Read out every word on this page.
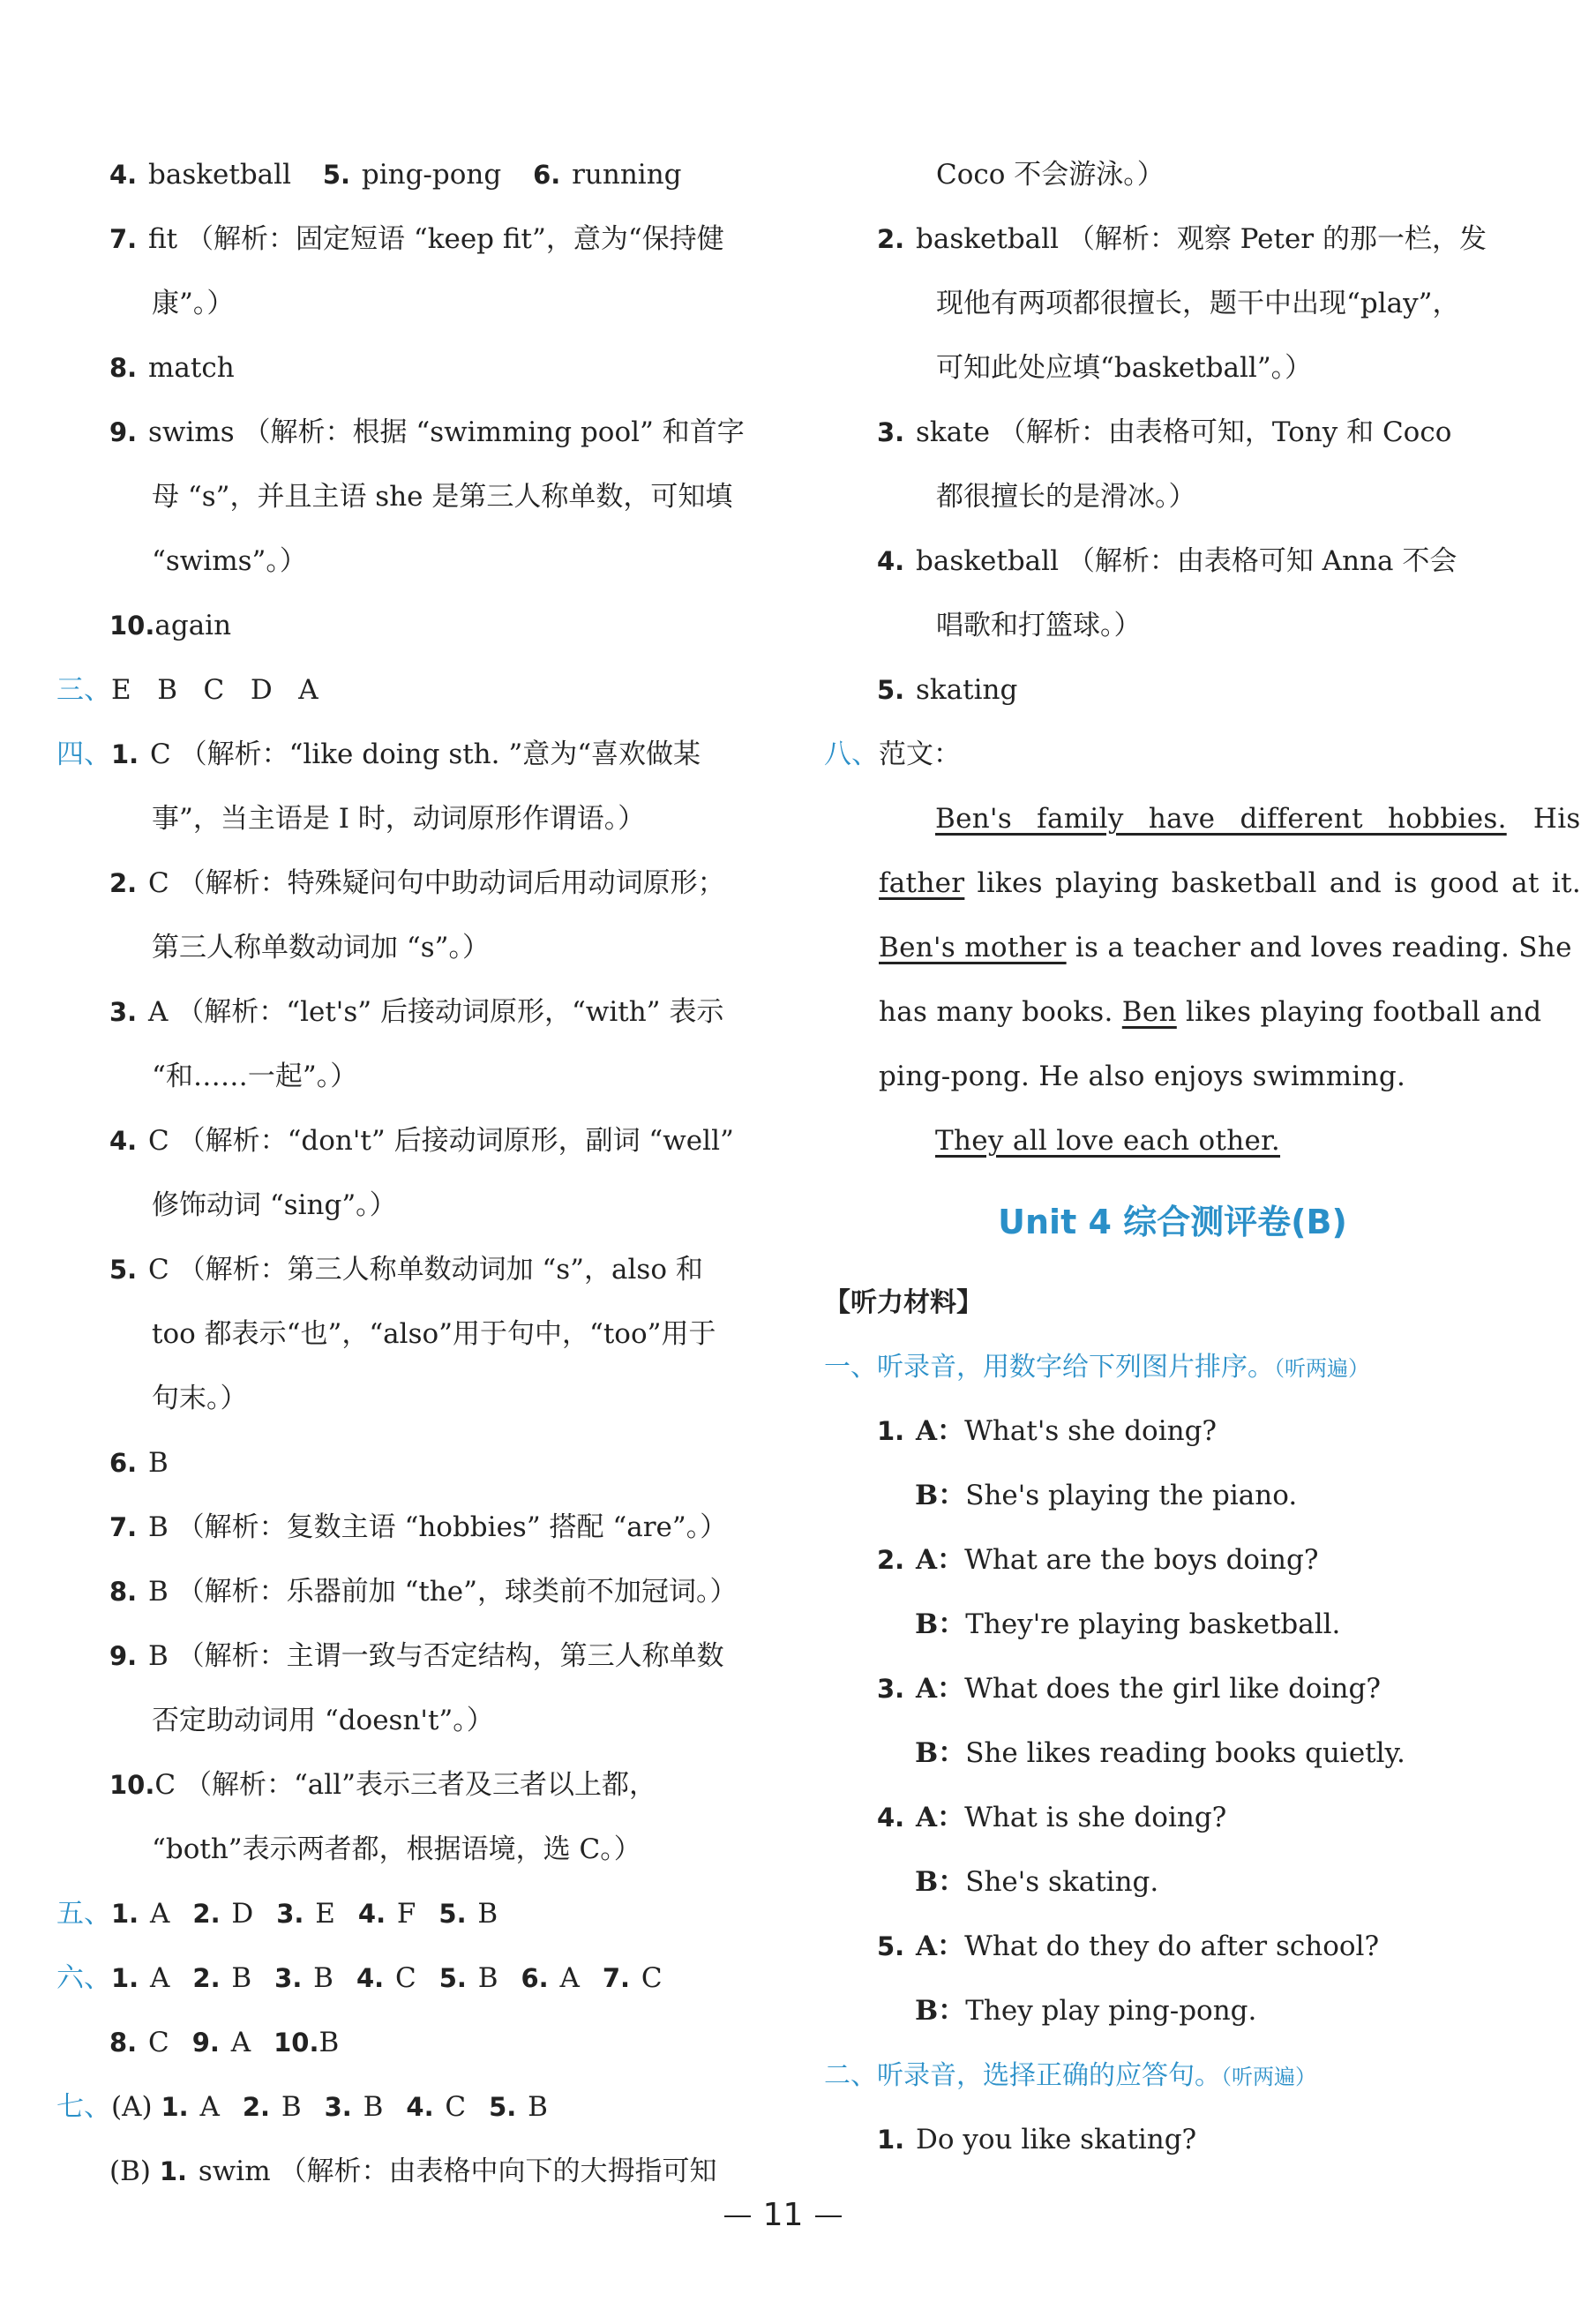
4. basketball 5. ping-pong 6. running
7. fit （解析：固定短语 “keep fit”，意为“保持健
康”。）
8. match
9. swims （解析：根据 “swimming pool” 和首字
母 “s”，并且主语 she 是第三人称单数，可知填
“swims”。）
10.again
三、E   B   C   D   A
四、1. C （解析：“like doing sth. ”意为“喜欢做某
事”，当主语是 I 时，动词原形作谓语。）
2. C （解析：特殊疑问句中助动词后用动词原形；
第三人称单数动词加 “s”。）
3. A （解析：“let's” 后接动词原形，“with” 表示
“和……一起”。）
4. C （解析：“don't” 后接动词原形，副词 “well”
修饰动词 “sing”。）
5. C （解析：第三人称单数动词加 “s”，also 和
too 都表示“也”，“also”用于句中，“too”用于
句末。）
6. B
7. B （解析：复数主语 “hobbies” 搭配 “are”。）
8. B （解析：乐器前加 “the”，球类前不加冠词。）
9. B （解析：主谓一致与否定结构，第三人称单数
否定助动词用 “doesn't”。）
10.C （解析：“all”表示三者及三者以上都，
“both”表示两者都，根据语境，选 C。）
五、1. A 2. D 3. E 4. F 5. B
六、1. A 2. B 3. B 4. C 5. B 6. A 7. C
8. C 9. A 10.B
七、(A) 1. A 2. B 3. B 4. C 5. B
(B) 1. swim （解析：由表格中向下的大拇指可知
Coco 不会游泳。）
2. basketball （解析：观察 Peter 的那一栏，发
现他有两项都很擅长，题干中出现“play”，
可知此处应填“basketball”。）
3. skate （解析：由表格可知，Tony 和 Coco
都很擅长的是滑冰。）
4. basketball （解析：由表格可知 Anna 不会
唱歌和打篮球。）
5. skating
八、范文：
Ben's family have different hobbies. His
father likes playing basketball and is good at it.
Ben's mother is a teacher and loves reading. She
has many books. Ben likes playing football and
ping-pong. He also enjoys swimming.
They all love each other.
Unit 4 综合测评卷(B)
【听力材料】
一、听录音，用数字给下列图片排序。（听两遍）
1. A：What's she doing?
B：She's playing the piano.
2. A：What are the boys doing?
B：They're playing basketball.
3. A：What does the girl like doing?
B：She likes reading books quietly.
4. A：What is she doing?
B：She's skating.
5. A：What do they do after school?
B：They play ping-pong.
二、听录音，选择正确的应答句。（听两遍）
1. Do you like skating?
11
